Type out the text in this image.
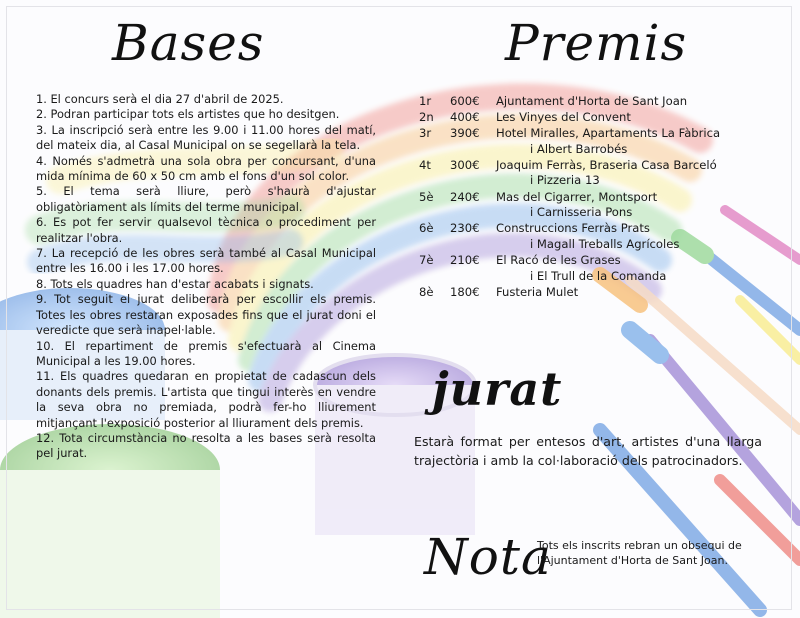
Bases
1. El concurs serà el dia 27 d'abril de 2025.
2. Podran participar tots els artistes que ho desitgen.
3. La inscripció serà entre les 9.00 i 11.00 hores del matí, del mateix dia, al Casal Municipal on se segellarà la tela.
4. Només s'admetrà una sola obra per concursant, d'una mida mínima de 60 x 50 cm amb el fons d'un sol color.
5. El tema serà lliure, però s'haurà d'ajustar obligatòriament als límits del terme municipal.
6. Es pot fer servir qualsevol tècnica o procediment per realitzar l'obra.
7. La recepció de les obres serà també al Casal Municipal entre les 16.00 i les 17.00 hores.
8. Tots els quadres han d'estar acabats i signats.
9. Tot seguit el jurat deliberarà per escollir els premis. Totes les obres restaran exposades fins que el jurat doni el veredicte que serà inapel·lable.
10. El repartiment de premis s'efectuarà al Cinema Municipal a les 19.00 hores.
11. Els quadres quedaran en propietat de cadascun dels donants dels premis. L'artista que tingui interès en vendre la seva obra no premiada, podrà fer-ho lliurement mitjançant l'exposició posterior al lliurament dels premis.
12. Tota circumstància no resolta a les bases serà resolta pel jurat.
Premis
1r	600€	Ajuntament d'Horta de Sant Joan
2n	400€	Les Vinyes del Convent
3r	390€	Hotel Miralles, Apartaments La Fàbrica
i Albert Barrobés

4t	300€	Joaquim Ferràs, Braseria Casa Barceló
i Pizzeria 13

5è	240€	Mas del Cigarrer, Montsport
i Carnisseria Pons

6è	230€	Construccions Ferràs Prats
i Magall Treballs Agrícoles

7è	210€	El Racó de les Grases
i El Trull de la Comanda

8è	180€	Fusteria Mulet
jurat

Estarà format per entesos d'art, artistes d'una llarga trajectòria i amb la col·laboració dels patrocinadors.

Nota

Tots els inscrits rebran un obsequi de l'Ajuntament d'Horta de Sant Joan.
